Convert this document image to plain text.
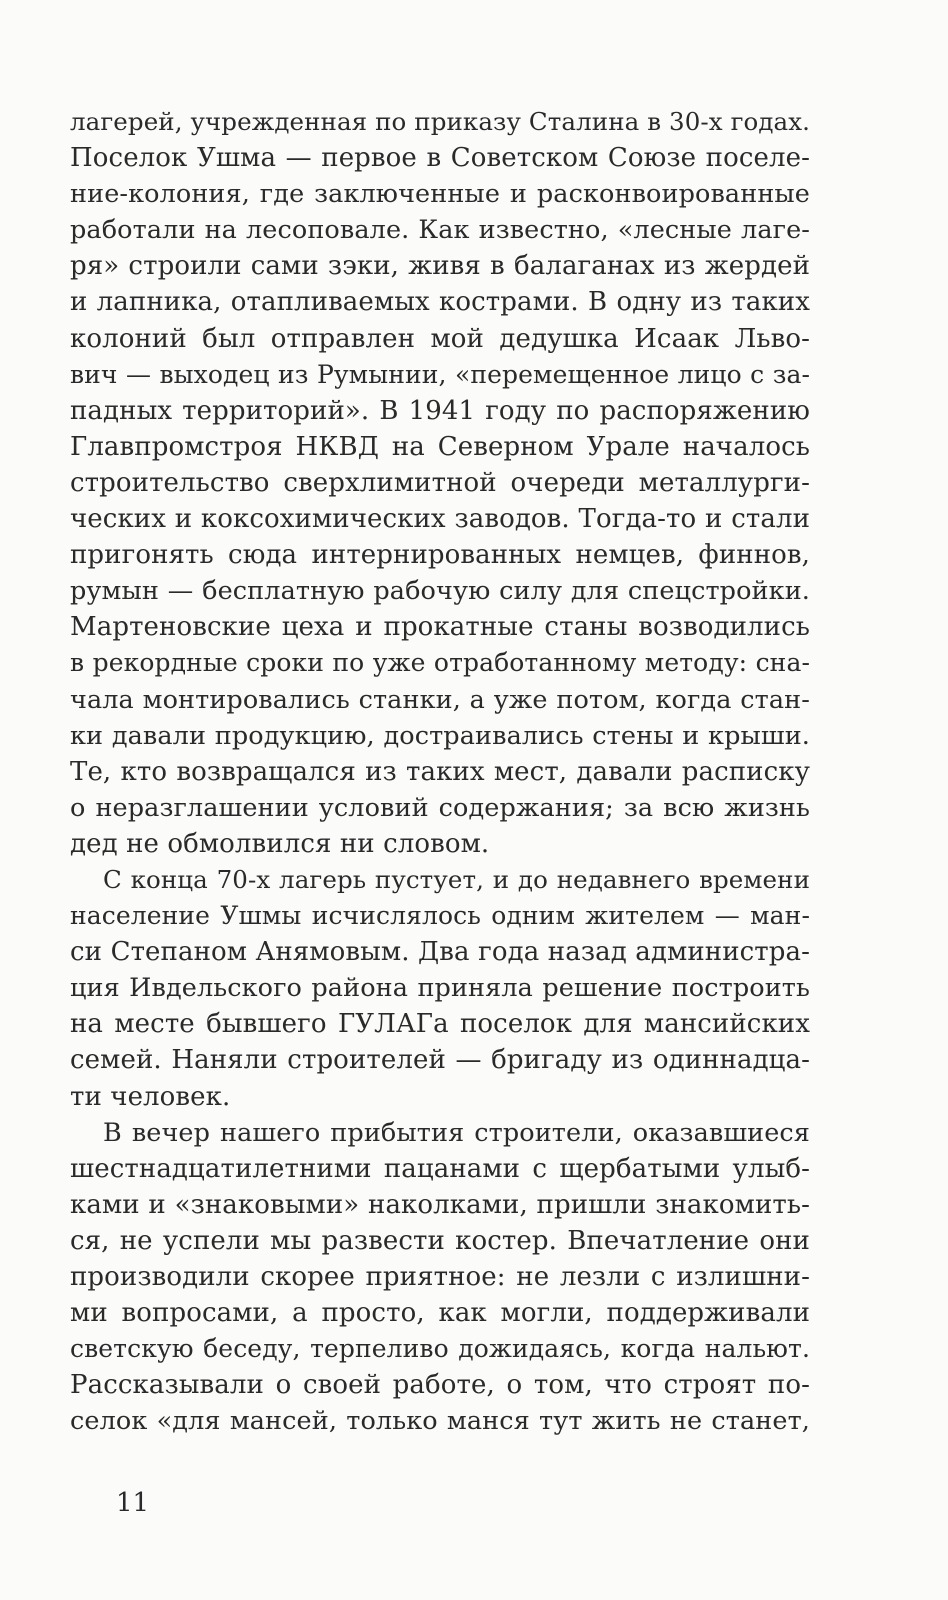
лагерей, учрежденная по приказу Сталина в 30-х годах.
Поселок Ушма — первое в Советском Союзе поселе-
ние-колония, где заключенные и расконвоированные
работали на лесоповале. Как известно, «лесные лаге-
ря» строили сами зэки, живя в балаганах из жердей
и лапника, отапливаемых кострами. В одну из таких
колоний был отправлен мой дедушка Исаак Льво-
вич — выходец из Румынии, «перемещенное лицо с за-
падных территорий». В 1941 году по распоряжению
Главпромстроя НКВД на Северном Урале началось
строительство сверхлимитной очереди металлурги-
ческих и коксохимических заводов. Тогда-то и стали
пригонять сюда интернированных немцев, финнов,
румын — бесплатную рабочую силу для спецстройки.
Мартеновские цеха и прокатные станы возводились
в рекордные сроки по уже отработанному методу: сна-
чала монтировались станки, а уже потом, когда стан-
ки давали продукцию, достраивались стены и крыши.
Те, кто возвращался из таких мест, давали расписку
о неразглашении условий содержания; за всю жизнь
дед не обмолвился ни словом.
С конца 70-х лагерь пустует, и до недавнего времени
население Ушмы исчислялось одним жителем — ман-
си Степаном Анямовым. Два года назад администра-
ция Ивдельского района приняла решение построить
на месте бывшего ГУЛАГа поселок для мансийских
семей. Наняли строителей — бригаду из одиннадца-
ти человек.
В вечер нашего прибытия строители, оказавшиеся
шестнадцатилетними пацанами с щербатыми улыб-
ками и «знаковыми» наколками, пришли знакомить-
ся, не успели мы развести костер. Впечатление они
производили скорее приятное: не лезли с излишни-
ми вопросами, а просто, как могли, поддерживали
светскую беседу, терпеливо дожидаясь, когда нальют.
Рассказывали о своей работе, о том, что строят по-
селок «для мансей, только манся тут жить не станет,
11
